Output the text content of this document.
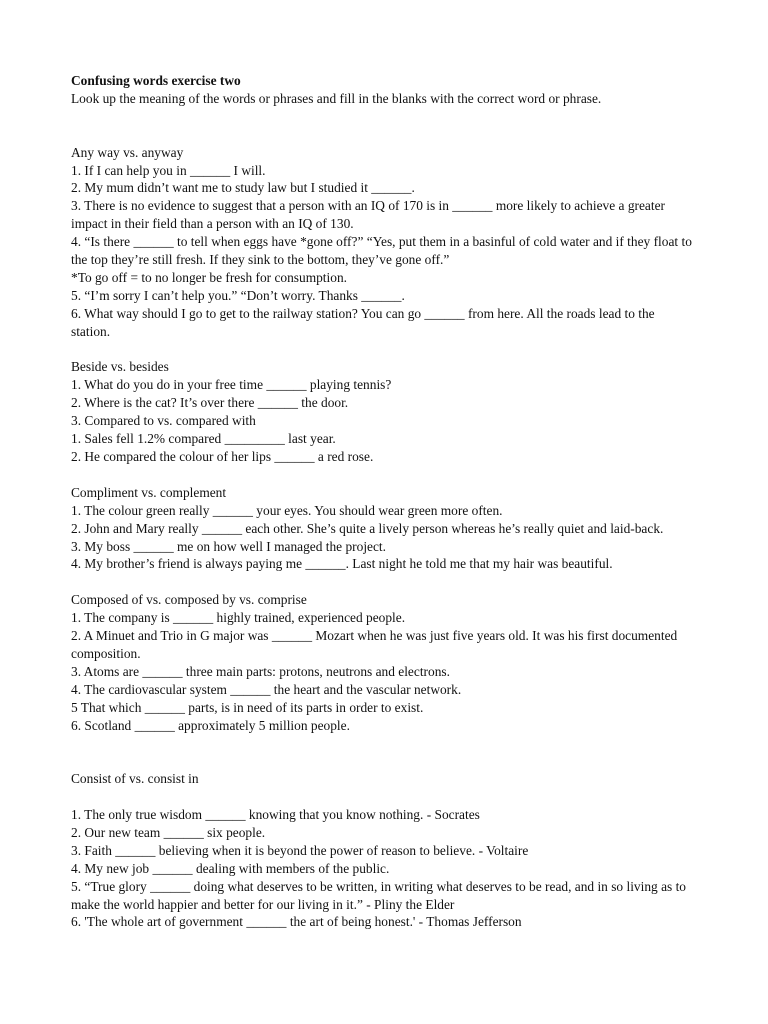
Confusing words exercise two

Look up the meaning of the words or phrases and fill in the blanks with the correct word or phrase.

Any way vs. anyway

1. If I can help you in ______ I will.

2. My mum didn’t want me to study law but I studied it ______.

3. There is no evidence to suggest that a person with an IQ of 170 is in ______ more likely to achieve a greater impact in their field than a person with an IQ of 130.

4. “Is there ______ to tell when eggs have *gone off?” “Yes, put them in a basinful of cold water and if they float to the top they’re still fresh. If they sink to the bottom, they’ve gone off.”

*To go off = to no longer be fresh for consumption.

5. “I’m sorry I can’t help you.” “Don’t worry. Thanks ______.

6. What way should I go to get to the railway station? You can go ______ from here. All the roads lead to the station.

Beside vs. besides

1. What do you do in your free time ______ playing tennis?

2. Where is the cat? It’s over there ______ the door.

3. Compared to vs. compared with

1. Sales fell 1.2% compared _________ last year.

2. He compared the colour of her lips ______ a red rose.

Compliment vs. complement

1. The colour green really ______ your eyes. You should wear green more often.

2. John and Mary really ______ each other. She’s quite a lively person whereas he’s really quiet and laid-back.

3. My boss ______ me on how well I managed the project.

4. My brother’s friend is always paying me ______. Last night he told me that my hair was beautiful.

Composed of vs. composed by vs. comprise

1. The company is ______ highly trained, experienced people.

2. A Minuet and Trio in G major was ______ Mozart when he was just five years old. It was his first documented composition.

3. Atoms are ______ three main parts: protons, neutrons and electrons.

4. The cardiovascular system ______ the heart and the vascular network.

5 That which ______ parts, is in need of its parts in order to exist.

6. Scotland ______ approximately 5 million people.

Consist of vs. consist in

1. The only true wisdom ______ knowing that you know nothing. - Socrates

2. Our new team ______ six people.

3. Faith ______ believing when it is beyond the power of reason to believe. - Voltaire

4. My new job ______ dealing with members of the public.

5. “True glory ______ doing what deserves to be written, in writing what deserves to be read, and in so living as to make the world happier and better for our living in it.” - Pliny the Elder

6. 'The whole art of government ______ the art of being honest.' - Thomas Jefferson
